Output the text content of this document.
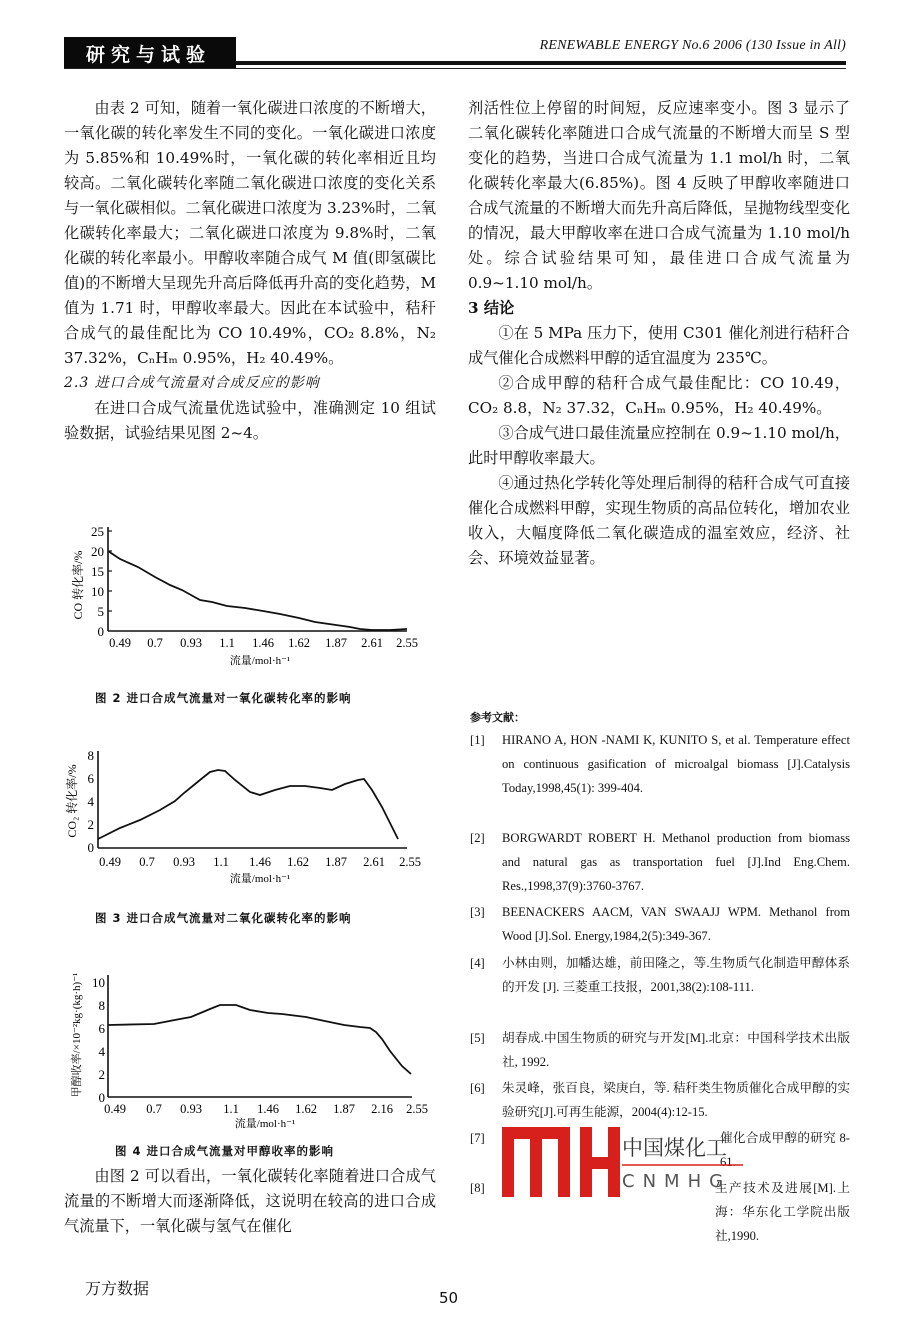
研究与试验	RENEWABLE ENERGY No.6 2006 (130 Issue in All)

由表 2 可知，随着一氧化碳进口浓度的不断增大，一氧化碳的转化率发生不同的变化。一氧化碳进口浓度为 5.85%和 10.49%时，一氧化碳的转化率相近且均较高。二氧化碳转化率随二氧化碳进口浓度的变化关系与一氧化碳相似。二氧化碳进口浓度为 3.23%时，二氧化碳转化率最大；二氧化碳进口浓度为 9.8%时，二氧化碳的转化率最小。甲醇收率随合成气 M 值(即氢碳比值)的不断增大呈现先升高后降低再升高的变化趋势，M 值为 1.71 时，甲醇收率最大。因此在本试验中，秸秆合成气的最佳配比为 CO 10.49%，CO₂ 8.8%，N₂ 37.32%，CₙHₘ 0.95%，H₂ 40.49%。

2.3 进口合成气流量对合成反应的影响

在进口合成气流量优选试验中，准确测定 10 组试验数据，试验结果见图 2~4。

0
5
10
15
20
25
CO 转化率/%
0.49 0.7 0.93 1.1 1.46 1.62 1.87 2.61 2.55
流量/mol·h⁻¹
图 2 进口合成气流量对一氧化碳转化率的影响
0
2
4
6
8
CO₂ 转化率/%
0.49 0.7 0.93 1.1 1.46 1.62 1.87 2.61 2.55
流量/mol·h⁻¹
图 3 进口合成气流量对二氧化碳转化率的影响
0
2
4
6
8
10
甲醇收率/×10⁻²kg·(kg·h)⁻¹
0.49 0.7 0.93 1.1 1.46 1.62 1.87 2.16 2.55
流量/mol·h⁻¹
图 4 进口合成气流量对甲醇收率的影响

由图 2 可以看出，一氧化碳转化率随着进口合成气流量的不断增大而逐渐降低，这说明在较高的进口合成气流量下，一氧化碳与氢气在催化

剂活性位上停留的时间短，反应速率变小。图 3 显示了二氧化碳转化率随进口合成气流量的不断增大而呈 S 型变化的趋势，当进口合成气流量为 1.1 mol/h 时，二氧化碳转化率最大(6.85%)。图 4 反映了甲醇收率随进口合成气流量的不断增大而先升高后降低，呈抛物线型变化的情况，最大甲醇收率在进口合成气流量为 1.10 mol/h 处。综合试验结果可知，最佳进口合成气流量为 0.9~1.10 mol/h。

3 结论

①在 5 MPa 压力下，使用 C301 催化剂进行秸秆合成气催化合成燃料甲醇的适宜温度为 235℃。

②合成甲醇的秸秆合成气最佳配比：CO 10.49，CO₂ 8.8，N₂ 37.32，CₙHₘ 0.95%，H₂ 40.49%。

③合成气进口最佳流量应控制在 0.9~1.10 mol/h，此时甲醇收率最大。

④通过热化学转化等处理后制得的秸秆合成气可直接催化合成燃料甲醇，实现生物质的高品位转化，增加农业收入，大幅度降低二氧化碳造成的温室效应，经济、社会、环境效益显著。

参考文献：
[1] HIRANO A, HON -NAMI K, KUNITO S, et al. Temperature effect on continuous gasification of microalgal biomass [J].Catalysis Today,1998,45(1): 399-404.
[2] BORGWARDT ROBERT H. Methanol production from biomass and natural gas as transportation fuel [J].Ind Eng.Chem. Res.,1998,37(9):3760-3767.
[3] BEENACKERS AACM, VAN SWAAJJ WPM. Methanol from Wood [J].Sol. Energy,1984,2(5):349-367.
[4] 小林由则，加幡达雄，前田隆之，等.生物质气化制造甲醇体系的开发 [J]. 三菱重工技报，2001,38(2):108-111.
[5] 胡春成.中国生物质的研究与开发[M].北京：中国科学技术出版社, 1992.
[6] 朱灵峰，张百良，梁庚白，等. 秸秆类生物质催化合成甲醇的实验研究[J].可再生能源，2004(4):12-15.
[7]	催化合成甲醇的研究 8-61.
[8]	生产技术及进展[M].上海：华东化工学院出版社,1990.
中国煤化工
CNMHG
万方数据	50
